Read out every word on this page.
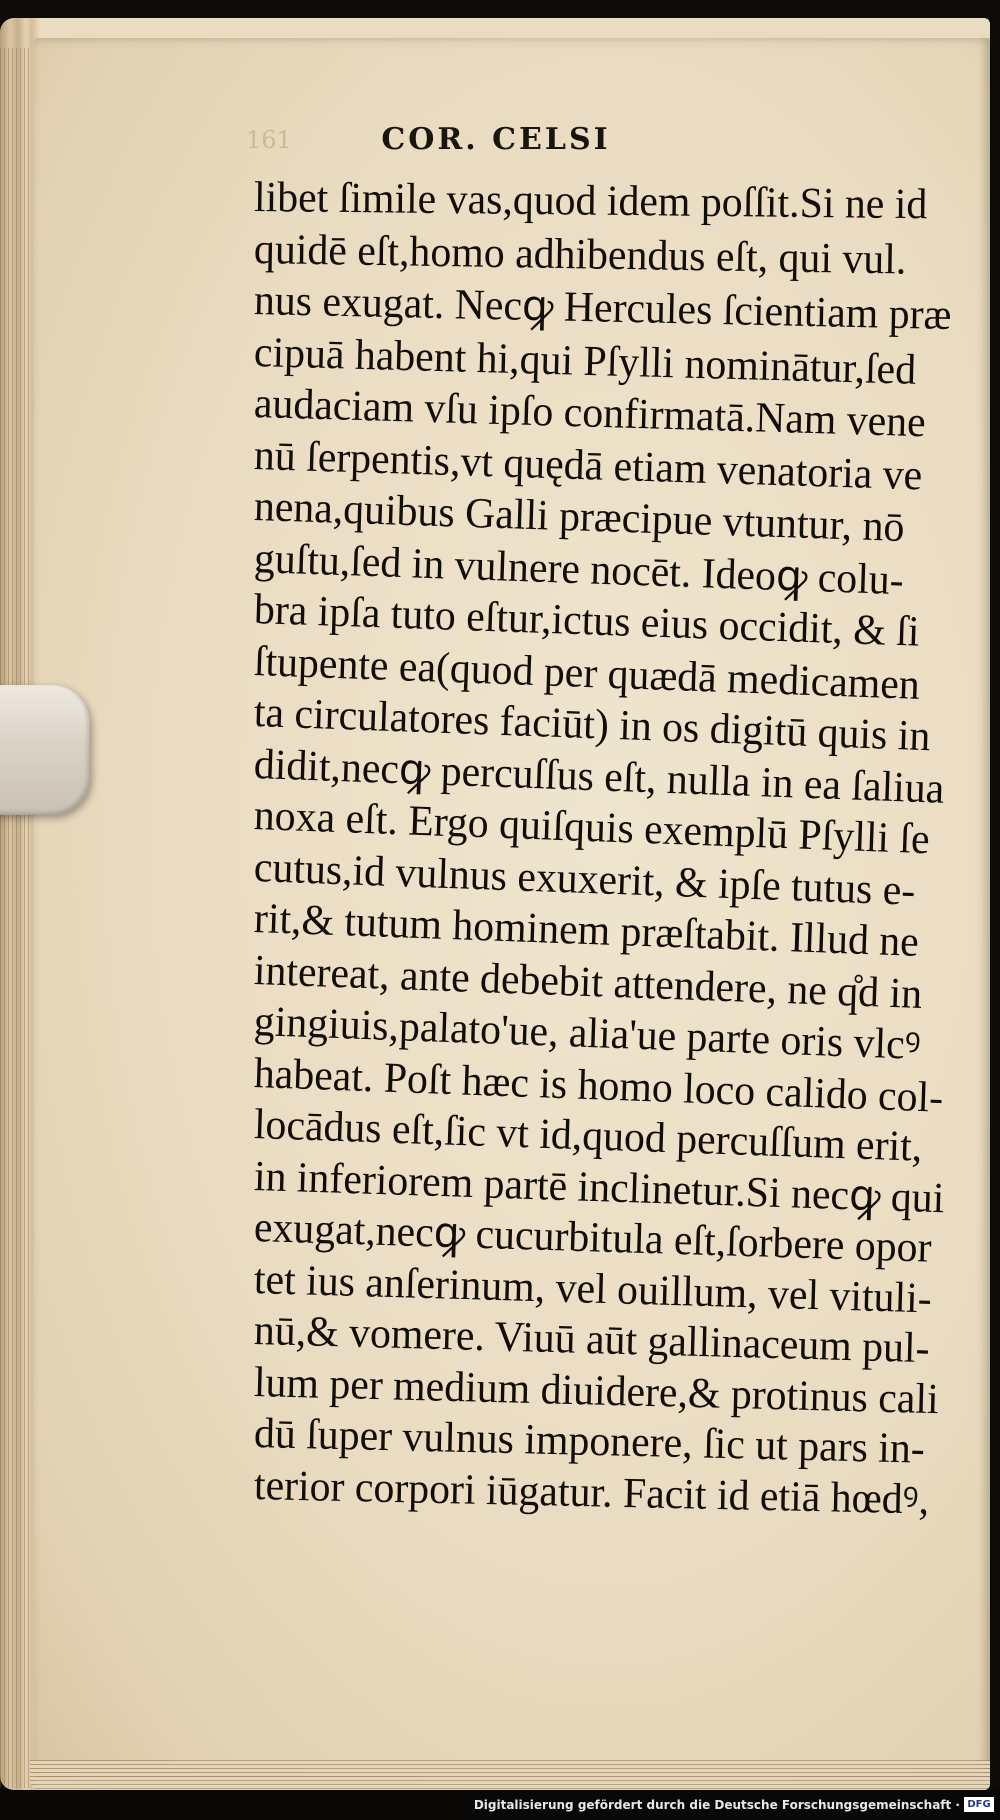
161	COR. CELSI
libet ſimile vas,quod idem poſſit.Si ne id
quidē eſt,homo adhibendus eſt, qui vul.
nus exugat. Necꝙ Hercules ſcientiam præ
cipuā habent hi,qui Pſylli nominātur,ſed
audaciam vſu ipſo confirmatā.Nam vene
nū ſerpentis,vt quędā etiam venatoria ve
nena,quibus Galli præcipue vtuntur, nō
guſtu,ſed in vulnere nocēt. Ideoꝙ colu-
bra ipſa tuto eſtur,ictus eius occidit, & ſi
ſtupente ea(quod per quædā medicamen
ta circulatores faciūt) in os digitū quis in
didit,necꝙ percuſſus eſt, nulla in ea ſaliua
noxa eſt. Ergo quiſquis exemplū Pſylli ſe
cutus,id vulnus exuxerit, & ipſe tutus e-
rit,& tutum hominem præſtabit. Illud ne
intereat, ante debebit attendere, ne q̊d in
gingiuis,palato'ue, alia'ue parte oris vlcꝰ
habeat. Poſt hæc is homo loco calido col-
locādus eſt,ſic vt id,quod percuſſum erit,
in inferiorem partē inclinetur.Si necꝙ qui
exugat,necꝙ cucurbitula eſt,ſorbere opor
tet ius anſerinum, vel ouillum, vel vituli-
nū,& vomere. Viuū aūt gallinaceum pul-
lum per medium diuidere,& protinus cali
dū ſuper vulnus imponere, ſic ut pars in-
terior corpori iūgatur. Facit id etiā hœdꝰ,
Digitalisierung gefördert durch die Deutsche Forschungsgemeinschaft · DFG
